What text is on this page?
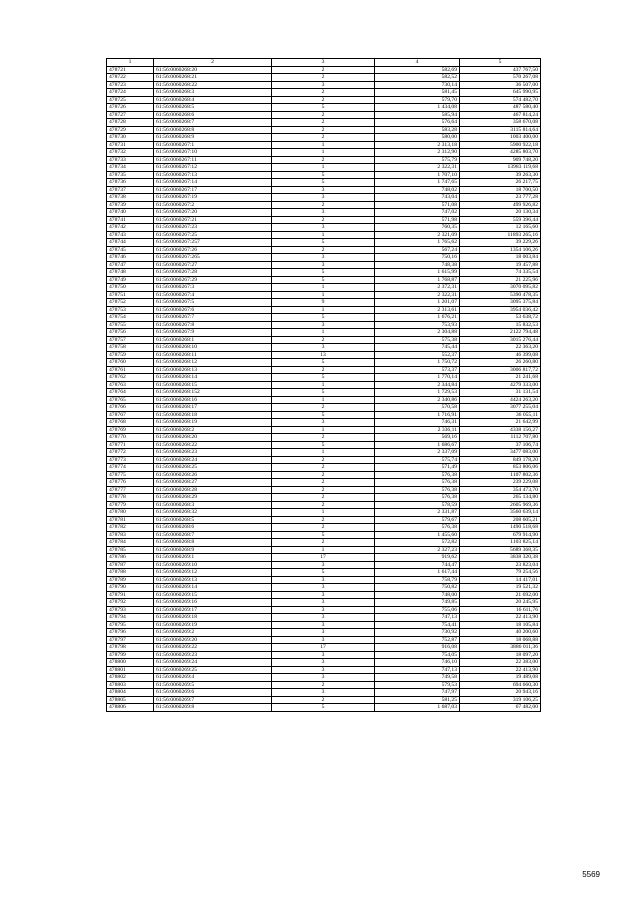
1	2	3	4	5
478721	61:56:0060268:20	2	582,69	437 767,50
478722	61:56:0060268:21	2	582,52	570 267,08
478723	61:56:0060268:22	3	730,14	36 507,00
478724	61:56:0060268:3	2	581,45	645 990,95
478725	61:56:0060268:4	2	579,70	574 482,70
478726	61:56:0060268:5	5	1 434,08	487 580,40
478727	61:56:0060268:6	2	585,94	467 814,24
478728	61:56:0060268:7	2	576,64	358 670,08
478729	61:56:0060268:8	2	583,28	3115 814,64
478730	61:56:0060268:9	2	580,00	1003 400,00
478731	61:56:0060267:1	1	2 313,18	5900 922,18
478732	61:56:0060267:10	1	2 312,90	4285 803,70
478733	61:56:0060267:11	2	575,79	909 748,20
478734	61:56:0060267:12	1	2 322,31	13983 119,68
478735	61:56:0060267:13	5	1 707,10	39 263,30
478736	61:56:0060267:14	5	1 747,65	26 217,75
478737	61:56:0060267:17	3	748,02	18 700,50
478738	61:56:0060267:19	3	743,04	23 777,28
478739	61:56:0060267:2	2	571,08	499 926,82
478740	61:56:0060267:20	3	747,02	20 130,34
478741	61:56:0060267:21	2	571,98	559 396,44
478742	61:56:0060267:23	3	760,35	12 165,60
478743	61:56:0060267:25	1	2 321,09	11893 265,16
478744	61:56:0060267:257	5	1 765,62	39 229,26
478745	61:56:0060267:26	2	567,24	1354 106,26
478746	61:56:0060267:265	3	750,16	18 003,84
478747	61:56:0060267:27	3	748,38	19 457,88
478748	61:56:0060267:28	5	1 615,99	74 335,54
478749	61:56:0060267:29	5	1 768,87	21 225,96
478750	61:56:0060267:3	1	2 372,31	3070 095,82
478751	61:56:0060267:4	1	2 322,31	5390 478,35
478752	61:56:0060267:5	9	1 201,07	3095 375,84
478753	61:56:0060267:6	1	2 313,61	3954 036,42
478754	61:56:0060267:7	5	1 676,21	53 638,72
478755	61:56:0060267:8	3	753,93	15 832,53
478756	61:56:0060267:9	1	2 304,88	2122 794,48
478757	61:56:0060268:1	2	575,38	3015 276,44
478758	61:56:0060268:10	3	745,44	22 363,20
478759	61:56:0060268:11	13	552,37	46 399,08
478760	61:56:0060268:12	5	1 750,72	26 260,80
478761	61:56:0060268:13	2	573,37	3006 817,72
478762	61:56:0060268:14	5	1 770,14	21 241,68
478763	61:56:0060268:15	1	2 344,84	4279 333,00
478764	61:56:0060268:152	5	1 729,53	31 131,54
478765	61:56:0060268:16	1	2 340,86	4424 263,20
478766	61:56:0060268:17	2	570,58	3077 255,04
478767	61:56:0060268:18	5	1 716,91	36 055,11
478768	61:56:0060268:19	3	746,31	21 642,99
478769	61:56:0060268:2	1	2 336,11	4338 156,27
478770	61:56:0060268:20	2	569,16	1112 707,80
478771	61:56:0060268:22	5	1 686,67	37 106,74
478772	61:56:0060268:23	1	2 337,09	3477 083,00
478773	61:56:0060268:24	2	575,74	849 178,20
478774	61:56:0060268:25	2	571,49	853 806,06
478775	61:56:0060268:26	2	576,38	1107 802,36
478776	61:56:0060268:27	2	576,38	239 229,08
478777	61:56:0060268:28	2	576,38	354 473,70
478778	61:56:0060268:29	2	576,38	265 134,80
478779	61:56:0060268:3	2	578,59	2605 969,36
478780	61:56:0060268:32	1	2 331,87	3560 639,14
478781	61:56:0060268:5	2	579,67	208 605,21
478782	61:56:0060268:6	2	576,38	1490 518,68
478783	61:56:0060268:7	5	1 455,60	679 914,90
478784	61:56:0060268:8	2	572,82	1103 825,14
478785	61:56:0060268:9	1	2 327,23	5689 368,35
478786	61:56:0060269:1	17	919,62	3838 320,38
478787	61:56:0060269:10	3	744,47	23 823,04
478788	61:56:0060269:12	5	1 617,44	79 254,56
478789	61:56:0060269:13	3	758,79	14 417,01
478790	61:56:0060269:14	3	750,82	19 521,32
478791	61:56:0060269:15	3	748,00	21 692,00
478792	61:56:0060269:16	3	749,85	20 245,95
478793	61:56:0060269:17	3	755,06	16 611,76
478794	61:56:0060269:18	3	747,13	22 413,90
478795	61:56:0060269:19	3	754,41	18 105,84
478796	61:56:0060269:2	3	730,92	40 200,60
478797	61:56:0060269:20	3	752,87	18 068,88
478798	61:56:0060269:22	17	916,08	3886 011,36
478799	61:56:0060269:23	3	754,05	18 097,20
478800	61:56:0060269:24	3	746,10	22 383,00
478801	61:56:0060269:25	3	747,13	22 413,90
478802	61:56:0060269:4	3	749,58	19 489,08
478803	61:56:0060269:5	2	579,53	694 660,30
478804	61:56:0060269:6	3	747,97	20 943,16
478805	61:56:0060269:7	2	581,25	319 106,25
478806	61:56:0060269:8	5	1 687,03	67 482,00
5569
